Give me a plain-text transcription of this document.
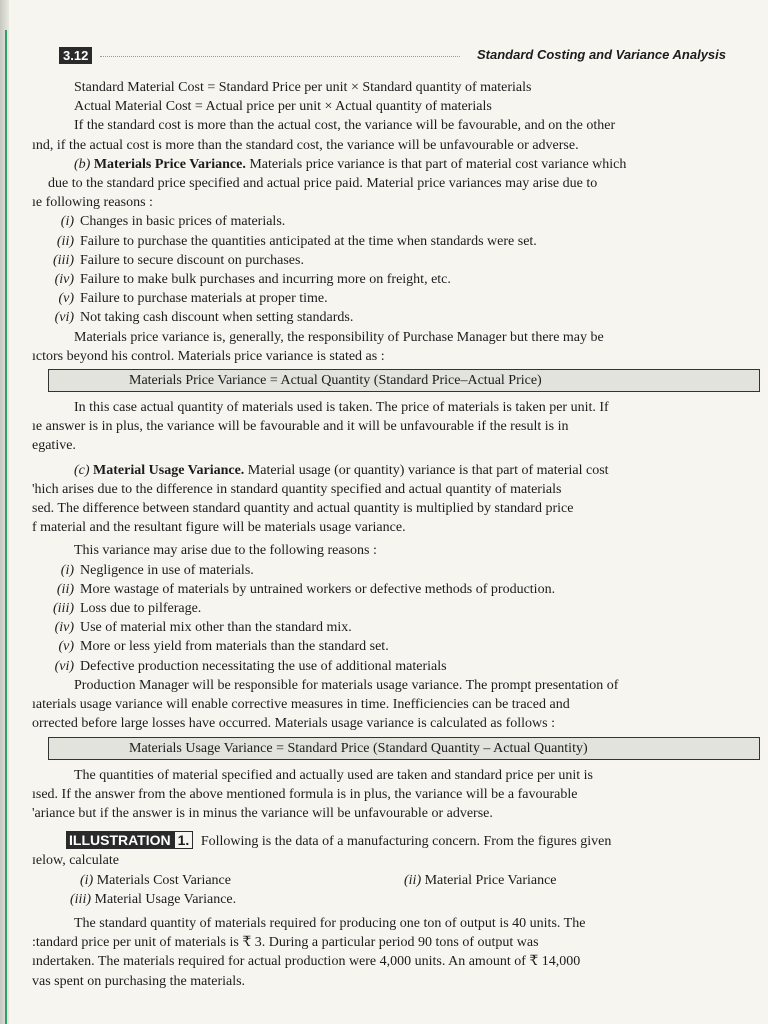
3.12	Standard Costing and Variance Analysis

Standard Material Cost = Standard Price per unit × Standard quantity of materials

Actual Material Cost = Actual price per unit × Actual quantity of materials

If the standard cost is more than the actual cost, the variance will be favourable, and on the other

ınd, if the actual cost is more than the standard cost, the variance will be unfavourable or adverse.

(b) Materials Price Variance. Materials price variance is that part of material cost variance which

due to the standard price specified and actual price paid. Material price variances may arise due to

ıe following reasons :

(i) Changes in basic prices of materials.
(ii) Failure to purchase the quantities anticipated at the time when standards were set.
(iii) Failure to secure discount on purchases.
(iv) Failure to make bulk purchases and incurring more on freight, etc.
(v) Failure to purchase materials at proper time.
(vi) Not taking cash discount when setting standards.

Materials price variance is, generally, the responsibility of Purchase Manager but there may be

ıctors beyond his control. Materials price variance is stated as :

Materials Price Variance = Actual Quantity (Standard Price–Actual Price)

In this case actual quantity of materials used is taken. The price of materials is taken per unit. If

ıe answer is in plus, the variance will be favourable and it will be unfavourable if the result is in

egative.

(c) Material Usage Variance. Material usage (or quantity) variance is that part of material cost

'hich arises due to the difference in standard quantity specified and actual quantity of materials

sed. The difference between standard quantity and actual quantity is multiplied by standard price

f material and the resultant figure will be materials usage variance.

This variance may arise due to the following reasons :

(i) Negligence in use of materials.
(ii) More wastage of materials by untrained workers or defective methods of production.
(iii) Loss due to pilferage.
(iv) Use of material mix other than the standard mix.
(v) More or less yield from materials than the standard set.
(vi) Defective production necessitating the use of additional materials

Production Manager will be responsible for materials usage variance. The prompt presentation of

ıaterials usage variance will enable corrective measures in time. Inefficiencies can be traced and

orrected before large losses have occurred. Materials usage variance is calculated as follows :

Materials Usage Variance = Standard Price (Standard Quantity – Actual Quantity)

The quantities of material specified and actually used are taken and standard price per unit is

ısed. If the answer from the above mentioned formula is in plus, the variance will be a favourable

'ariance but if the answer is in minus the variance will be unfavourable or adverse.

ILLUSTRATION 1. Following is the data of a manufacturing concern. From the figures given

ɪelow, calculate

(i) Materials Cost Variance	(ii) Material Price Variance

(iii) Material Usage Variance.

The standard quantity of materials required for producing one ton of output is 40 units. The

:tandard price per unit of materials is ₹ 3. During a particular period 90 tons of output was

ındertaken. The materials required for actual production were 4,000 units. An amount of ₹ 14,000

vas spent on purchasing the materials.
